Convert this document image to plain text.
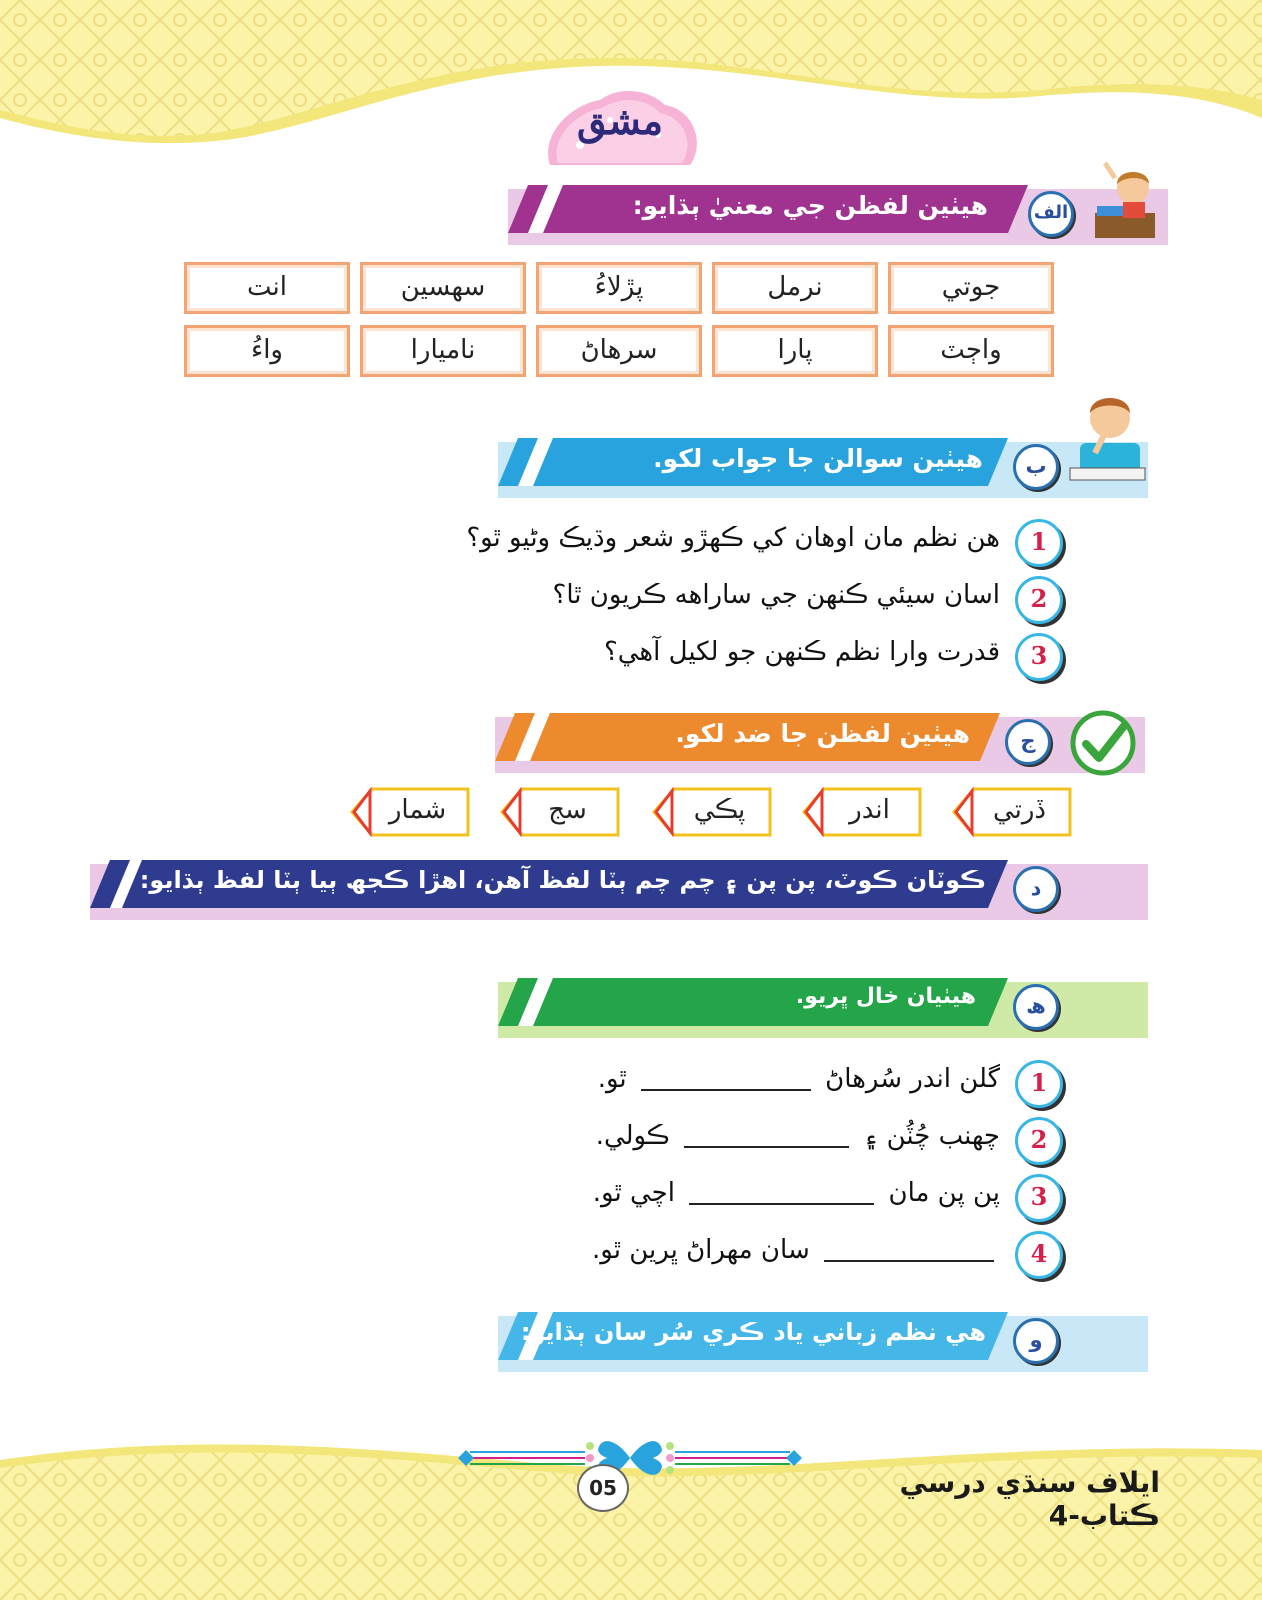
مشق
هيٺين لفظن جي معنيٰ ٻڌايو:	الف
جوتي
نرمل
پڙلاءُ
سهسين
انت
واڄٽ
پارا
سرهاڻ
ناميارا
واءُ
هيٺين سوالن جا جواب لکو.	ب
1
هن نظم مان اوهان کي ڪهڙو شعر وڌيڪ وڻيو ٿو؟
2
اسان سيئي ڪنهن جي ساراهه ڪريون ٿا؟
3
قدرت وارا نظم ڪنهن جو لکيل آهي؟
هيٺين لفظن جا ضد لکو.	ج
ڏرتي
اندر
پڪي
سج
شمار
ڪوٽان ڪوٽ، پن پن ۽ چم چم ٻٽا لفظ آهن، اهڙا ڪجھ ٻيا ٻٽا لفظ ٻڌايو:	د
هيٺيان خال ڀريو.	ھ
1
گلن اندر سُرهاڻ  ٿو.
2
چهنب چُٽُن ۽  ڪولي.
3
پن پن مان  اچي ٿو.
4
سان مهراڻ ڀرين ٿو.
هي نظم زباني ياد ڪري سُر سان ٻڌايو:	و
05	ايلاف سنڌي درسي ڪتاب-4
